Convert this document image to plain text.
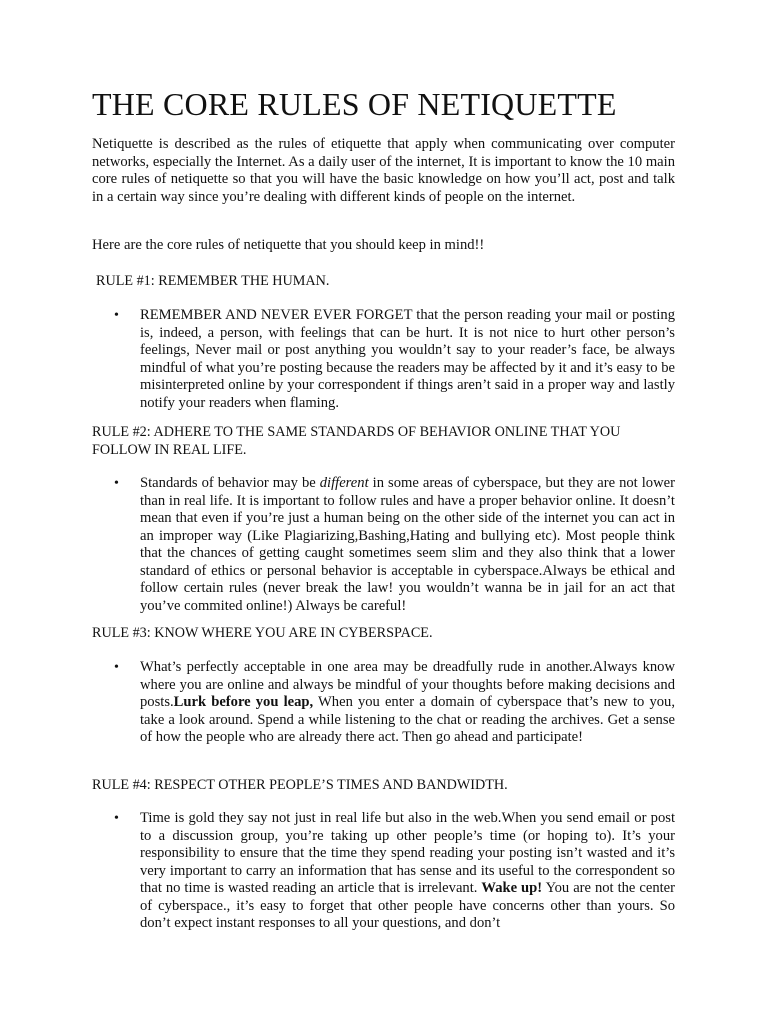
THE CORE RULES OF NETIQUETTE

Netiquette is described as the rules of etiquette that apply when communicating over computer networks, especially the Internet. As a daily user of the internet, It is important to know the 10 main core rules of netiquette so that you will have the basic knowledge on how you’ll act, post and talk in a certain way since you’re dealing with different kinds of people on the internet.

Here are the core rules of netiquette that you should keep in mind!!

RULE #1: REMEMBER THE HUMAN.

• REMEMBER AND NEVER EVER FORGET that the person reading your mail or posting is, indeed, a person, with feelings that can be hurt. It is not nice to hurt other person’s feelings, Never mail or post anything you wouldn’t say to your reader’s face, be always mindful of what you’re posting because the readers may be affected by it and it’s easy to be misinterpreted online by your correspondent if things aren’t said in a proper way and lastly notify your readers when flaming.

RULE #2: ADHERE TO THE SAME STANDARDS OF BEHAVIOR ONLINE THAT YOU FOLLOW IN REAL LIFE.

• Standards of behavior may be different in some areas of cyberspace, but they are not lower than in real life. It is important to follow rules and have a proper behavior online. It doesn’t mean that even if you’re just a human being on the other side of the internet you can act in an improper way (Like Plagiarizing,Bashing,Hating and bullying etc). Most people think that the chances of getting caught sometimes seem slim and they also think that a lower standard of ethics or personal behavior is acceptable in cyberspace.Always be ethical and follow certain rules (never break the law! you wouldn’t wanna be in jail for an act that you’ve commited online!) Always be careful!

RULE #3: KNOW WHERE YOU ARE IN CYBERSPACE.

• What’s perfectly acceptable in one area may be dreadfully rude in another.Always know where you are online and always be mindful of your thoughts before making decisions and posts.Lurk before you leap, When you enter a domain of cyberspace that’s new to you, take a look around. Spend a while listening to the chat or reading the archives. Get a sense of how the people who are already there act. Then go ahead and participate!

RULE #4: RESPECT OTHER PEOPLE’S TIMES AND BANDWIDTH.

• Time is gold they say not just in real life but also in the web.When you send email or post to a discussion group, you’re taking up other people’s time (or hoping to). It’s your responsibility to ensure that the time they spend reading your posting isn’t wasted and it’s very important to carry an information that has sense and its useful to the correspondent so that no time is wasted reading an article that is irrelevant. Wake up! You are not the center of cyberspace., it’s easy to forget that other people have concerns other than yours. So don’t expect instant responses to all your questions, and don’t
